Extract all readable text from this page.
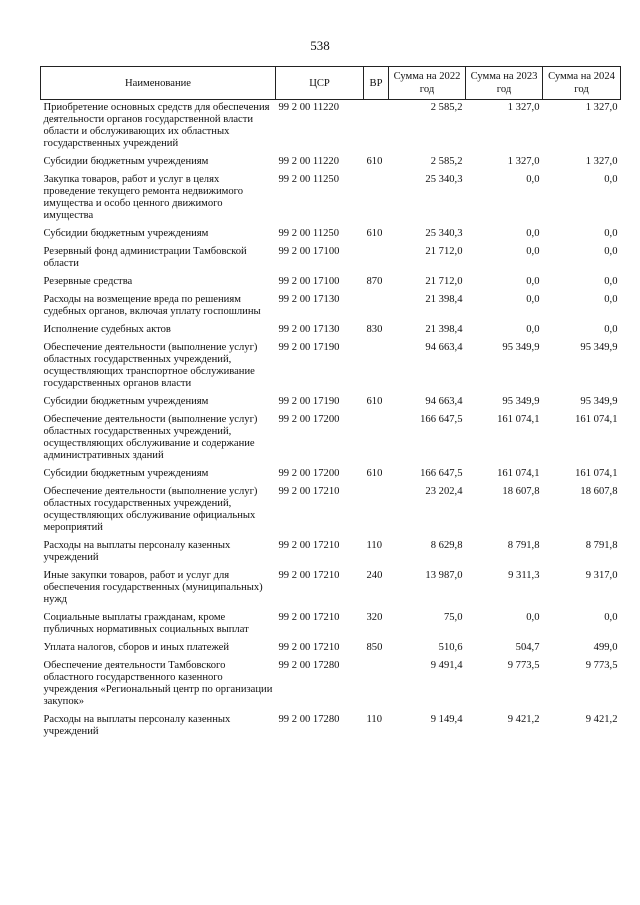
538
Наименование	ЦСР	ВР	Сумма на 2022 год	Сумма на 2023 год	Сумма на 2024 год
Приобретение основных средств для обеспечения деятельности органов государственной власти области и обслуживающих их областных государственных учреждений	99 2 00 11220		2 585,2	1 327,0	1 327,0
Субсидии бюджетным учреждениям	99 2 00 11220	610	2 585,2	1 327,0	1 327,0
Закупка товаров, работ и услуг в целях проведение текущего ремонта недвижимого имущества и особо ценного движимого имущества	99 2 00 11250		25 340,3	0,0	0,0
Субсидии бюджетным учреждениям	99 2 00 11250	610	25 340,3	0,0	0,0
Резервный фонд администрации Тамбовской области	99 2 00 17100		21 712,0	0,0	0,0
Резервные средства	99 2 00 17100	870	21 712,0	0,0	0,0
Расходы на возмещение вреда по решениям судебных органов, включая уплату госпошлины	99 2 00 17130		21 398,4	0,0	0,0
Исполнение судебных актов	99 2 00 17130	830	21 398,4	0,0	0,0
Обеспечение деятельности (выполнение услуг) областных государственных учреждений, осуществляющих транспортное обслуживание государственных органов власти	99 2 00 17190		94 663,4	95 349,9	95 349,9
Субсидии бюджетным учреждениям	99 2 00 17190	610	94 663,4	95 349,9	95 349,9
Обеспечение деятельности (выполнение услуг) областных государственных учреждений, осуществляющих обслуживание и содержание административных зданий	99 2 00 17200		166 647,5	161 074,1	161 074,1
Субсидии бюджетным учреждениям	99 2 00 17200	610	166 647,5	161 074,1	161 074,1
Обеспечение деятельности (выполнение услуг) областных государственных учреждений, осуществляющих обслуживание официальных мероприятий	99 2 00 17210		23 202,4	18 607,8	18 607,8
Расходы на выплаты персоналу казенных учреждений	99 2 00 17210	110	8 629,8	8 791,8	8 791,8
Иные закупки товаров, работ и услуг для обеспечения государственных (муниципальных) нужд	99 2 00 17210	240	13 987,0	9 311,3	9 317,0
Социальные выплаты гражданам, кроме публичных нормативных социальных выплат	99 2 00 17210	320	75,0	0,0	0,0
Уплата налогов, сборов и иных платежей	99 2 00 17210	850	510,6	504,7	499,0
Обеспечение деятельности Тамбовского областного государственного казенного учреждения «Региональный центр по организации закупок»	99 2 00 17280		9 491,4	9 773,5	9 773,5
Расходы на выплаты персоналу казенных учреждений	99 2 00 17280	110	9 149,4	9 421,2	9 421,2
